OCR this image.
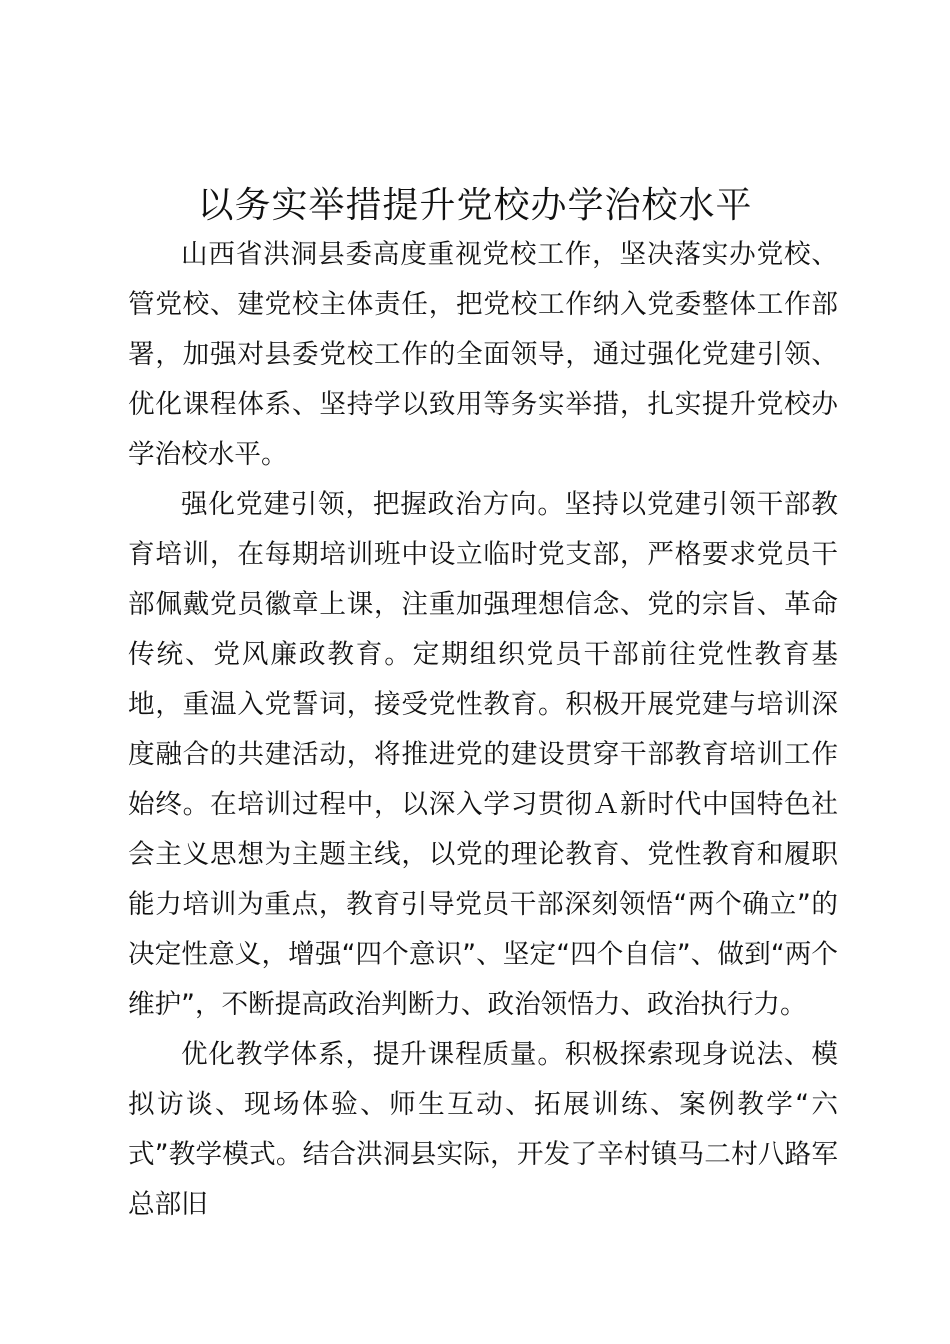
以务实举措提升党校办学治校水平

山西省洪洞县委高度重视党校工作，坚决落实办党校、管党校、建党校主体责任，把党校工作纳入党委整体工作部署，加强对县委党校工作的全面领导，通过强化党建引领、优化课程体系、坚持学以致用等务实举措，扎实提升党校办学治校水平。

强化党建引领，把握政治方向。坚持以党建引领干部教育培训，在每期培训班中设立临时党支部，严格要求党员干部佩戴党员徽章上课，注重加强理想信念、党的宗旨、革命传统、党风廉政教育。定期组织党员干部前往党性教育基地，重温入党誓词，接受党性教育。积极开展党建与培训深度融合的共建活动，将推进党的建设贯穿干部教育培训工作始终。在培训过程中，以深入学习贯彻Ａ新时代中国特色社会主义思想为主题主线，以党的理论教育、党性教育和履职能力培训为重点，教育引导党员干部深刻领悟“两个确立”的决定性意义，增强“四个意识”、坚定“四个自信”、做到“两个维护”，不断提高政治判断力、政治领悟力、政治执行力。

优化教学体系，提升课程质量。积极探索现身说法、模拟访谈、现场体验、师生互动、拓展训练、案例教学“六式”教学模式。结合洪洞县实际，开发了辛村镇马二村八路军总部旧
